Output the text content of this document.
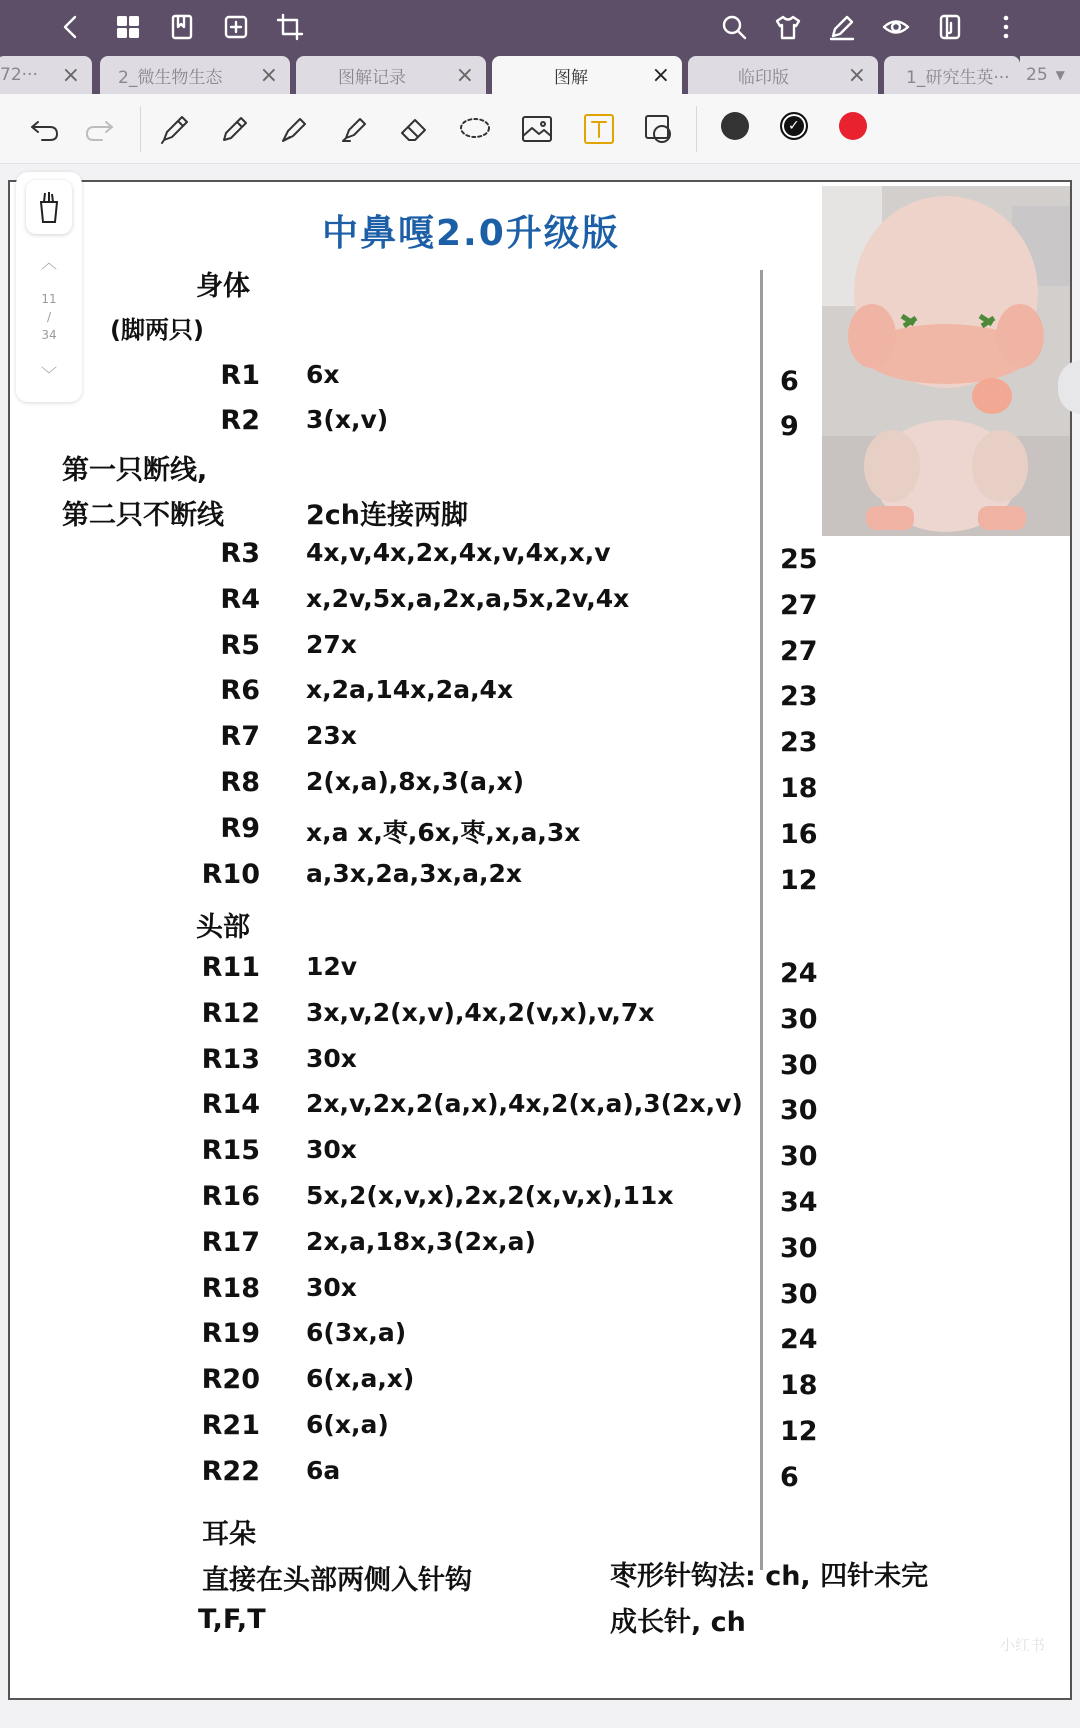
72··· × 2_微生物生态 ×	图解记录 ×	图解	×	临印版	× 1_研究生英··· 25 ▼
✓
︿
11
/
34
﹀
中鼻嘎2.0升级版
身体
(脚两只)
R1 6x	6
R2 3(x,v)	9
第一只断线,
第二只不断线	2ch连接两脚
R3 4x,v,4x,2x,4x,v,4x,x,v	25
R4 x,2v,5x,a,2x,a,5x,2v,4x	27
R5 27x	27
R6 x,2a,14x,2a,4x	23
R7 23x	23
R8 2(x,a),8x,3(a,x)	18
R9 x,a x,枣,6x,枣,x,a,3x	16
R10 a,3x,2a,3x,a,2x	12
头部
R11 12v	24
R12 3x,v,2(x,v),4x,2(v,x),v,7x	30
R13 30x	30
R14 2x,v,2x,2(a,x),4x,2(x,a),3(2x,v) 30
R15 30x	30
R16 5x,2(x,v,x),2x,2(x,v,x),11x	34
R17 2x,a,18x,3(2x,a)	30
R18 30x	30
R19 6(3x,a)	24
R20 6(x,a,x)	18
R21 6(x,a)	12
R22 6a	6
耳朵
直接在头部两侧入针钩
T,F,T
枣形针钩法: ch, 四针未完
成长针, ch
小红书
